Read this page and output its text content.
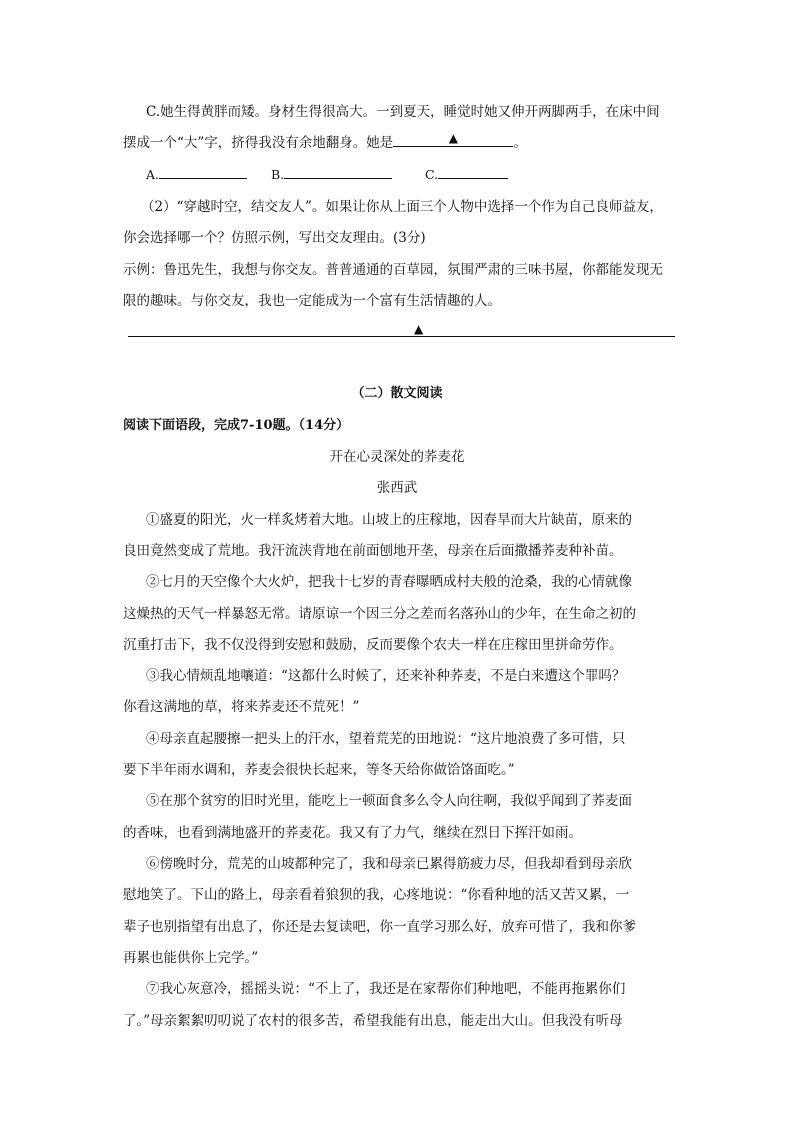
C.她生得黄胖而矮。身材生得很高大。一到夏天，睡觉时她又伸开两脚两手，在床中间
摆成一个“大”字，挤得我没有余地翻身。她是	▲	。
A.	B.	C.
（2）“穿越时空，结交友人”。如果让你从上面三个人物中选择一个作为自己良师益友，
你会选择哪一个？仿照示例，写出交友理由。(3分)
示例：鲁迅先生，我想与你交友。普普通通的百草园，氛围严肃的三味书屋，你都能发现无
限的趣味。与你交友，我也一定能成为一个富有生活情趣的人。
▲
（二）散文阅读
阅读下面语段，完成7-10题。（14分）
开在心灵深处的荞麦花
张西武
①盛夏的阳光，火一样炙烤着大地。山坡上的庄稼地，因春旱而大片缺苗，原来的
良田竟然变成了荒地。我汗流浃背地在前面刨地开垄，母亲在后面撒播荞麦种补苗。
②七月的天空像个大火炉，把我十七岁的青春曝晒成村夫般的沧桑，我的心情就像
这燥热的天气一样暴怒无常。请原谅一个因三分之差而名落孙山的少年，在生命之初的
沉重打击下，我不仅没得到安慰和鼓励，反而要像个农夫一样在庄稼田里拼命劳作。
③我心情烦乱地嚷道：“这都什么时候了，还来补种荞麦，不是白来遭这个罪吗？
你看这满地的草，将来荞麦还不荒死！”
④母亲直起腰擦一把头上的汗水，望着荒芜的田地说：“这片地浪费了多可惜，只
要下半年雨水调和，荞麦会很快长起来，等冬天给你做饸饹面吃。”
⑤在那个贫穷的旧时光里，能吃上一顿面食多么令人向往啊，我似乎闻到了荞麦面
的香味，也看到满地盛开的荞麦花。我又有了力气，继续在烈日下挥汗如雨。
⑥傍晚时分，荒芜的山坡都种完了，我和母亲已累得筋疲力尽，但我却看到母亲欣
慰地笑了。下山的路上，母亲看着狼狈的我，心疼地说：“你看种地的活又苦又累，一
辈子也别指望有出息了，你还是去复读吧，你一直学习那么好，放弃可惜了，我和你爹
再累也能供你上完学。”
⑦我心灰意冷，摇摇头说：“不上了，我还是在家帮你们种地吧，不能再拖累你们
了。”母亲絮絮叨叨说了农村的很多苦，希望我能有出息，能走出大山。但我没有听母
